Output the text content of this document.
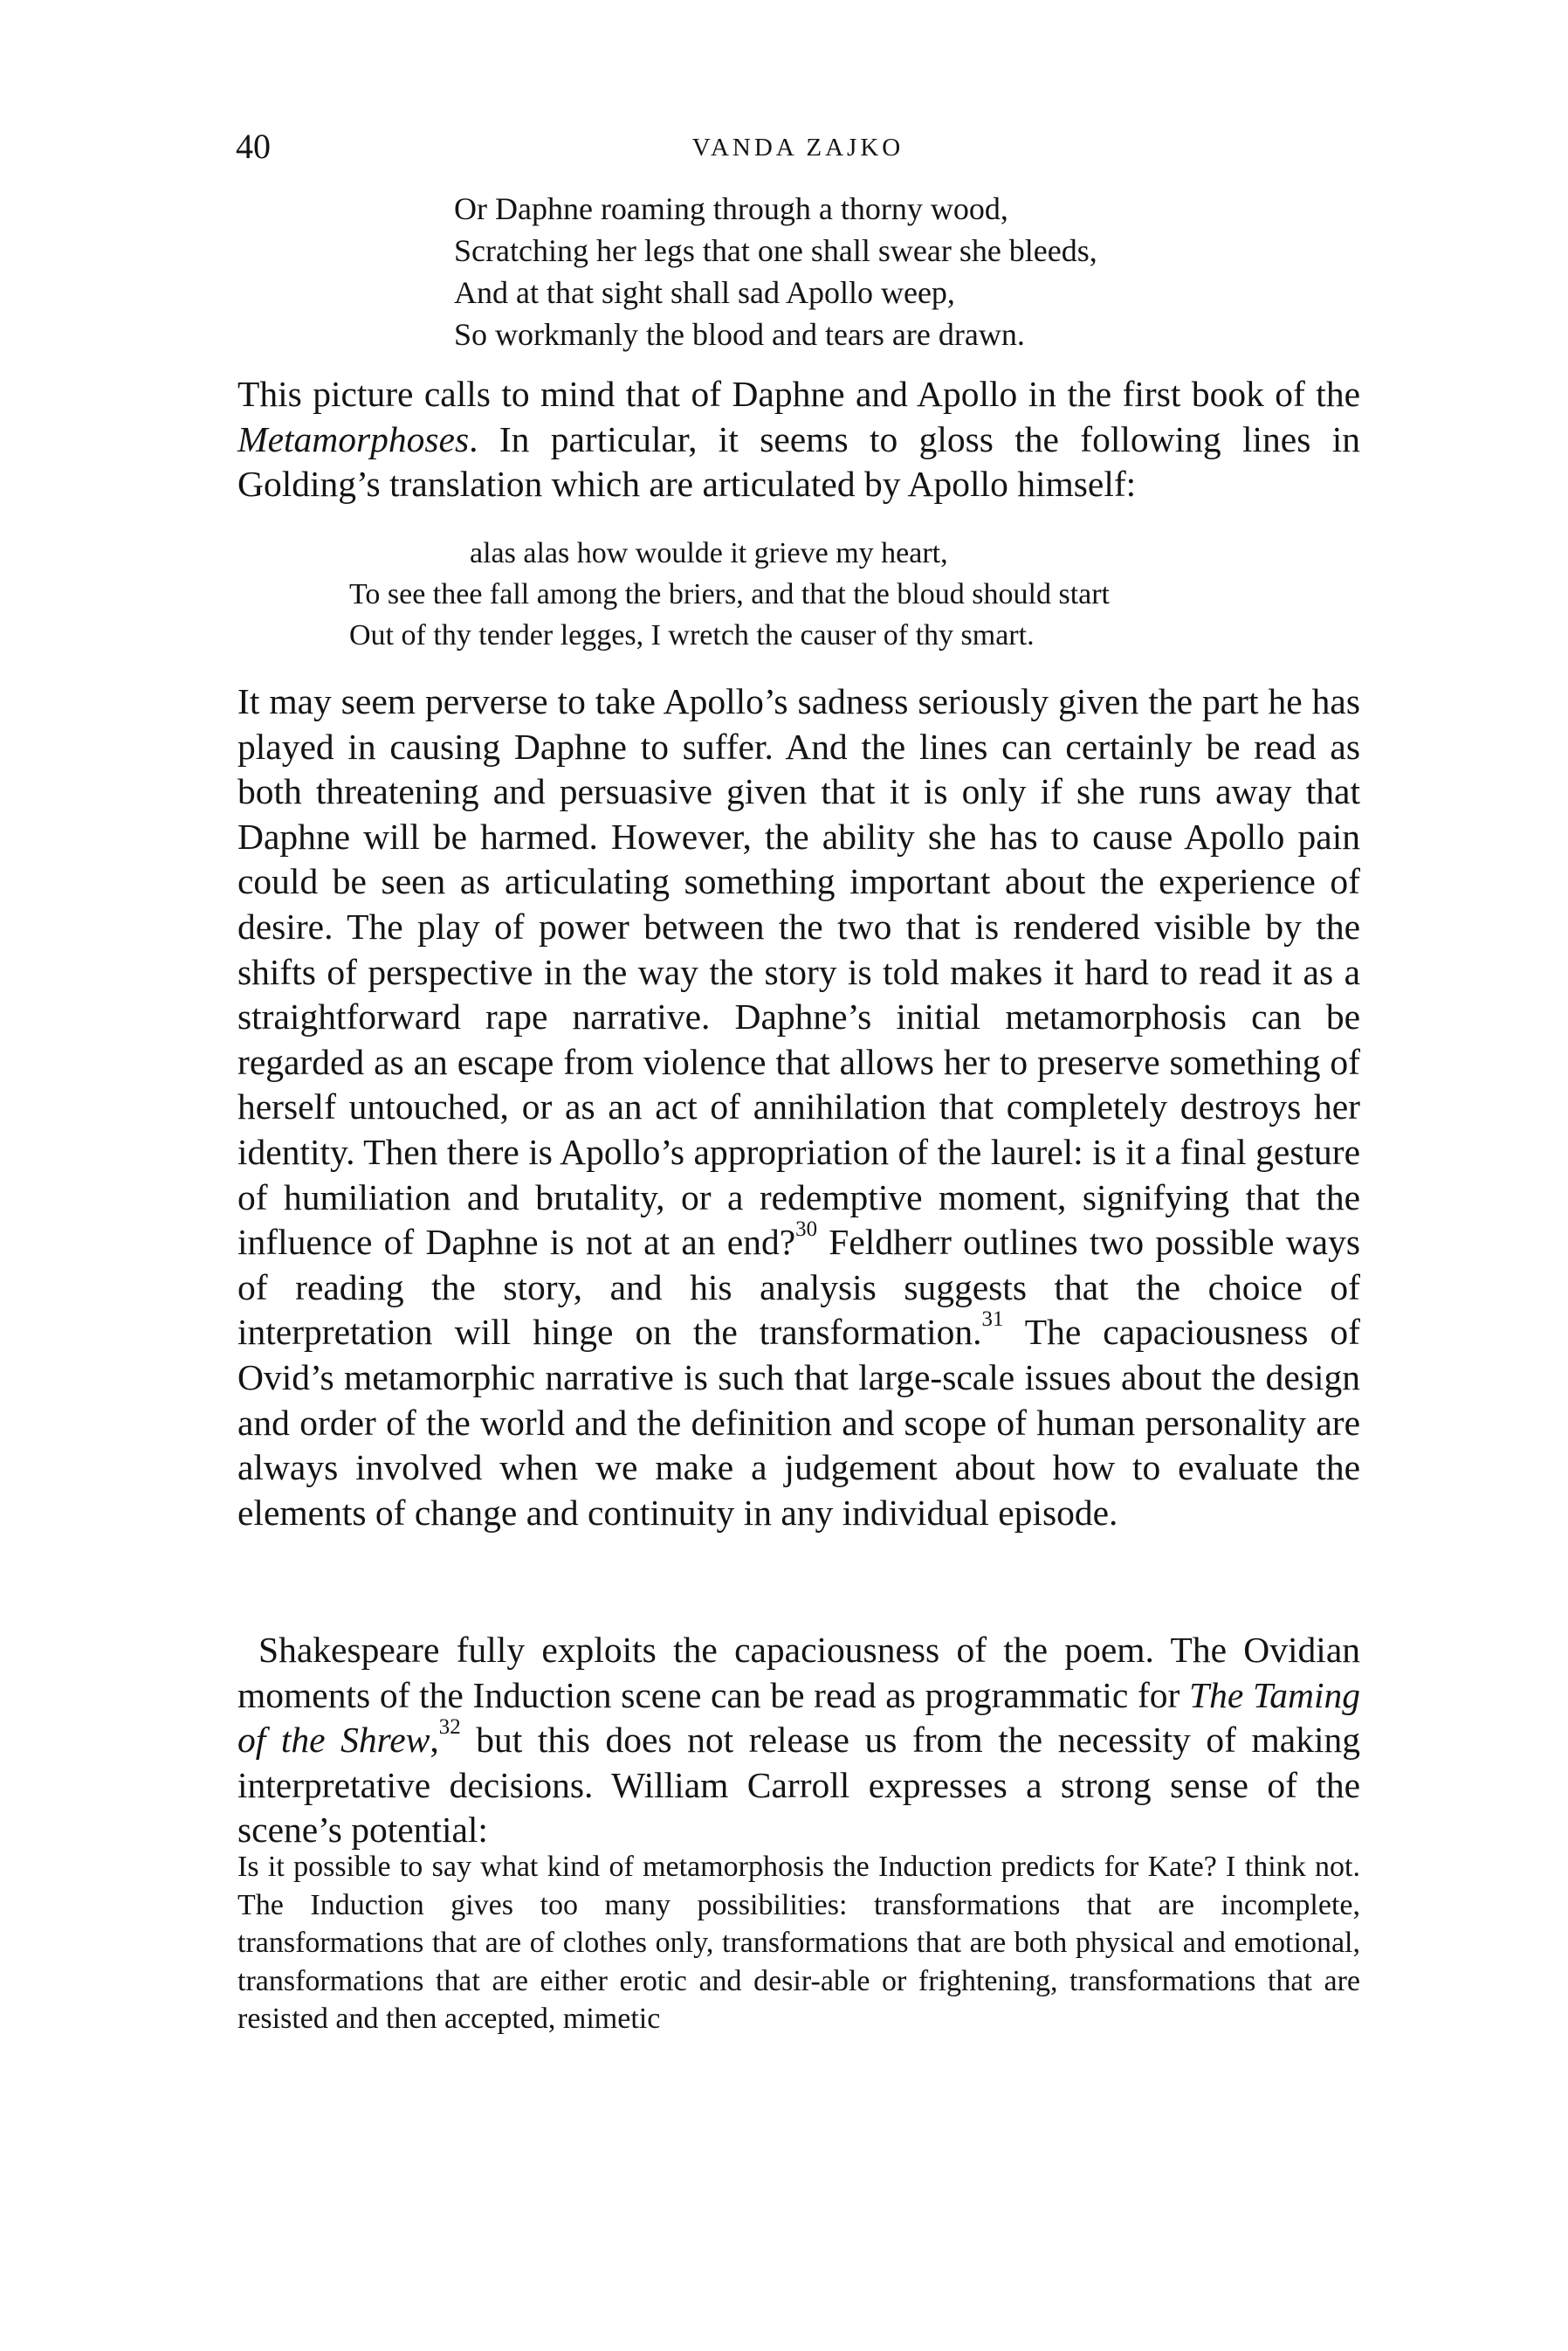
40	VANDA ZAJKO
Or Daphne roaming through a thorny wood,
Scratching her legs that one shall swear she bleeds,
And at that sight shall sad Apollo weep,
So workmanly the blood and tears are drawn.

This picture calls to mind that of Daphne and Apollo in the first book of the Metamorphoses. In particular, it seems to gloss the following lines in Golding’s translation which are articulated by Apollo himself:

alas alas how woulde it grieve my heart,
To see thee fall among the briers, and that the bloud should start
Out of thy tender legges, I wretch the causer of thy smart.

It may seem perverse to take Apollo’s sadness seriously given the part he has played in causing Daphne to suffer. And the lines can certainly be read as both threatening and persuasive given that it is only if she runs away that Daphne will be harmed. However, the ability she has to cause Apollo pain could be seen as articulating something important about the experience of desire. The play of power between the two that is rendered visible by the shifts of perspective in the way the story is told makes it hard to read it as a straightforward rape narrative. Daphne’s initial metamorphosis can be regarded as an escape from violence that allows her to preserve something of herself untouched, or as an act of annihilation that completely destroys her identity. Then there is Apollo’s appropriation of the laurel: is it a final gesture of humiliation and brutality, or a redemptive moment, signifying that the influence of Daphne is not at an end?$^{30}$ Feldherr outlines two possible ways of reading the story, and his analysis suggests that the choice of interpretation will hinge on the transformation.$^{31}$ The capaciousness of Ovid’s metamorphic narrative is such that large-scale issues about the design and order of the world and the definition and scope of human personality are always involved when we make a judgement about how to evaluate the elements of change and continuity in any individual episode.

Shakespeare fully exploits the capaciousness of the poem. The Ovidian moments of the Induction scene can be read as programmatic for The Taming of the Shrew,$^{32}$ but this does not release us from the necessity of making interpretative decisions. William Carroll expresses a strong sense of the scene’s potential:

Is it possible to say what kind of metamorphosis the Induction predicts for Kate? I think not. The Induction gives too many possibilities: transformations that are incomplete, transformations that are of clothes only, transformations that are both physical and emotional, transformations that are either erotic and desir-able or frightening, transformations that are resisted and then accepted, mimetic
